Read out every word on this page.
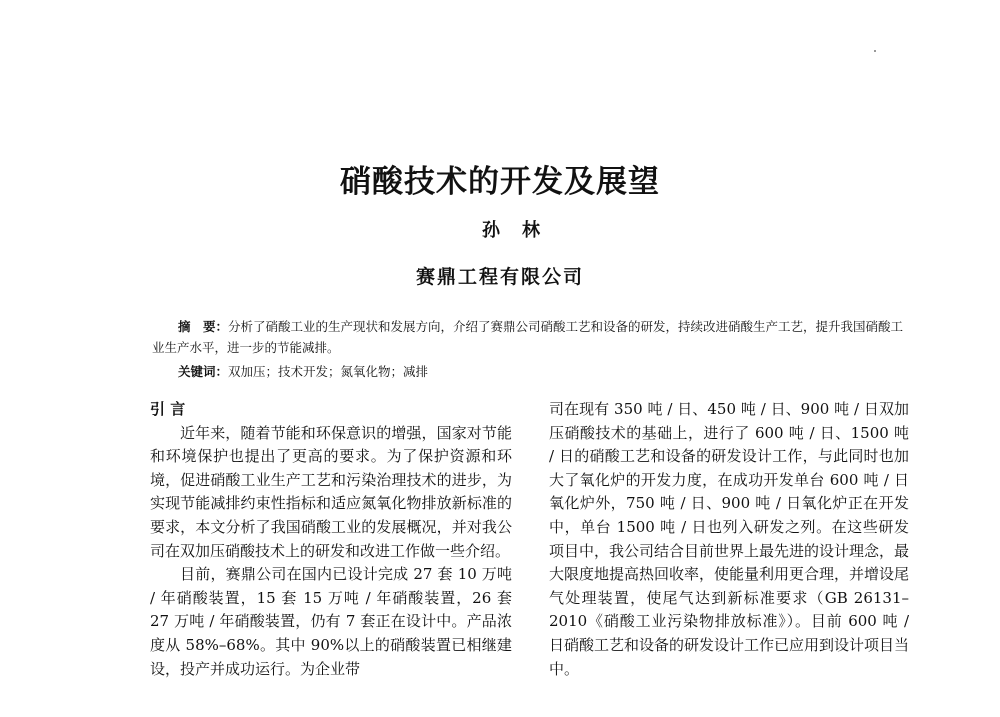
硝酸技术的开发及展望
孙林
赛鼎工程有限公司
摘　要：分析了硝酸工业的生产现状和发展方向，介绍了赛鼎公司硝酸工艺和设备的研发，持续改进硝酸生产工艺，提升我国硝酸工业生产水平，进一步的节能减排。
关键词：双加压；技术开发；氮氧化物；减排

引 言

近年来，随着节能和环保意识的增强，国家对节能和环境保护也提出了更高的要求。为了保护资源和环境，促进硝酸工业生产工艺和污染治理技术的进步，为实现节能减排约束性指标和适应氮氧化物排放新标准的要求，本文分析了我国硝酸工业的发展概况，并对我公司在双加压硝酸技术上的研发和改进工作做一些介绍。

目前，赛鼎公司在国内已设计完成 27 套 10 万吨 / 年硝酸装置，15 套 15 万吨 / 年硝酸装置，26 套 27 万吨 / 年硝酸装置，仍有 7 套正在设计中。产品浓度从 58%–68%。其中 90%以上的硝酸装置已相继建设，投产并成功运行。为企业带

司在现有 350 吨 / 日、450 吨 / 日、900 吨 / 日双加压硝酸技术的基础上，进行了 600 吨 / 日、1500 吨 / 日的硝酸工艺和设备的研发设计工作，与此同时也加大了氧化炉的开发力度，在成功开发单台 600 吨 / 日氧化炉外，750 吨 / 日、900 吨 / 日氧化炉正在开发中，单台 1500 吨 / 日也列入研发之列。在这些研发项目中，我公司结合目前世界上最先进的设计理念，最大限度地提高热回收率，使能量利用更合理，并增设尾气处理装置，使尾气达到新标准要求（GB 26131–2010《硝酸工业污染物排放标准》）。目前 600 吨 / 日硝酸工艺和设备的研发设计工作已应用到设计项目当中。
